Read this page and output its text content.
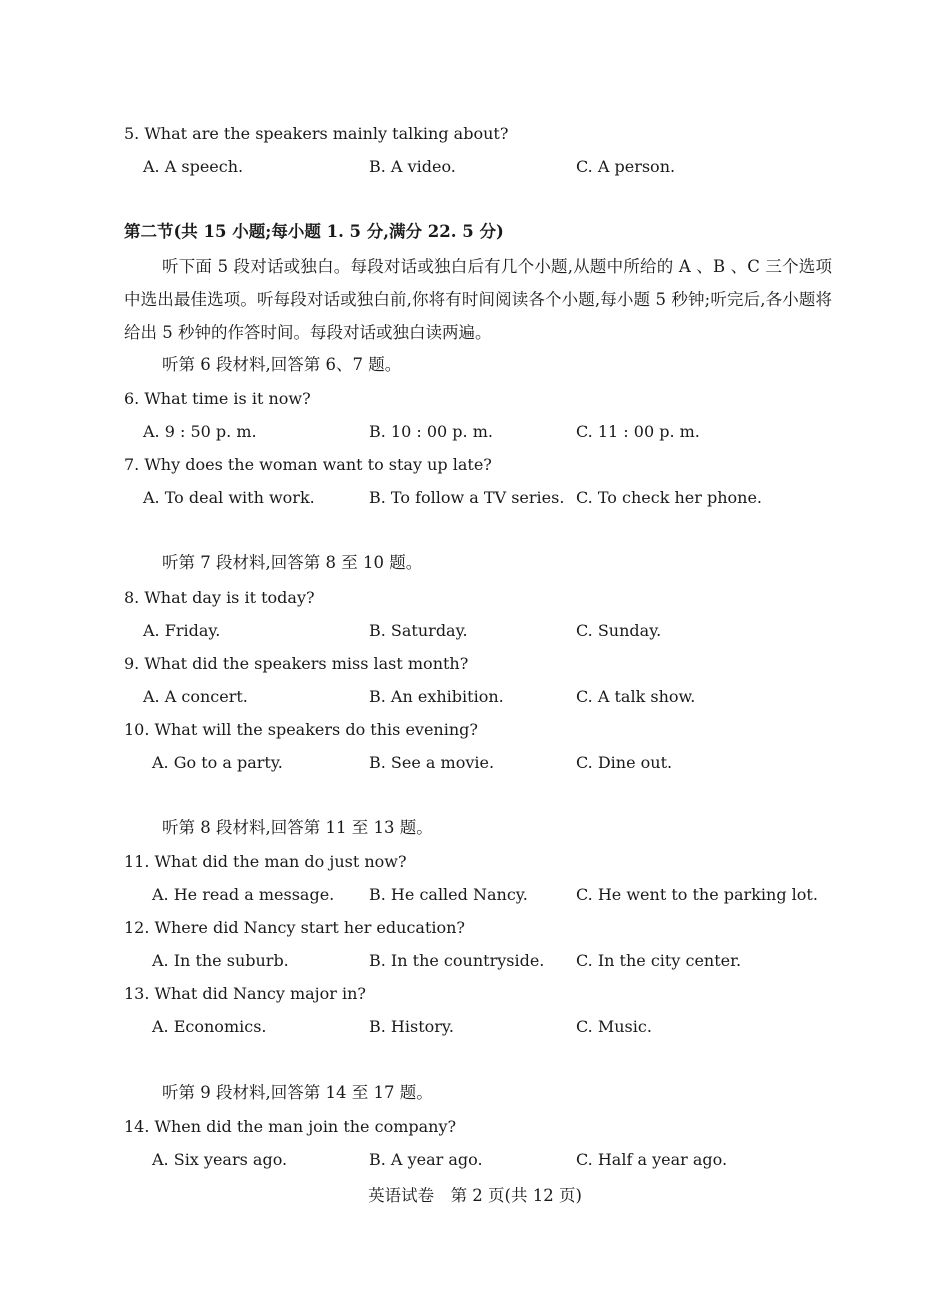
5. What are the speakers mainly talking about?
A. A speech.	B. A video.	C. A person.
第二节(共 15 小题;每小题 1. 5 分,满分 22. 5 分)
听下面 5 段对话或独白。每段对话或独白后有几个小题,从题中所给的 A 、B 、C 三个选项中选出最佳选项。听每段对话或独白前,你将有时间阅读各个小题,每小题 5 秒钟;听完后,各小题将给出 5 秒钟的作答时间。每段对话或独白读两遍。
听第 6 段材料,回答第 6、7 题。
6. What time is it now?
A. 9 : 50 p. m.	B. 10 : 00 p. m.	C. 11 : 00 p. m.
7. Why does the woman want to stay up late?
A. To deal with work.	B. To follow a TV series. C. To check her phone.
听第 7 段材料,回答第 8 至 10 题。
8. What day is it today?
A. Friday.	B. Saturday.	C. Sunday.
9. What did the speakers miss last month?
A. A concert.	B. An exhibition.	C. A talk show.
10. What will the speakers do this evening?
A. Go to a party.	B. See a movie.	C. Dine out.
听第 8 段材料,回答第 11 至 13 题。
11. What did the man do just now?
A. He read a message. B. He called Nancy.	C. He went to the parking lot.
12. Where did Nancy start her education?
A. In the suburb.	B. In the countryside. C. In the city center.
13. What did Nancy major in?
A. Economics.	B. History.	C. Music.
听第 9 段材料,回答第 14 至 17 题。
14. When did the man join the company?
A. Six years ago.	B. A year ago.	C. Half a year ago.
英语试卷　第 2 页(共 12 页)
